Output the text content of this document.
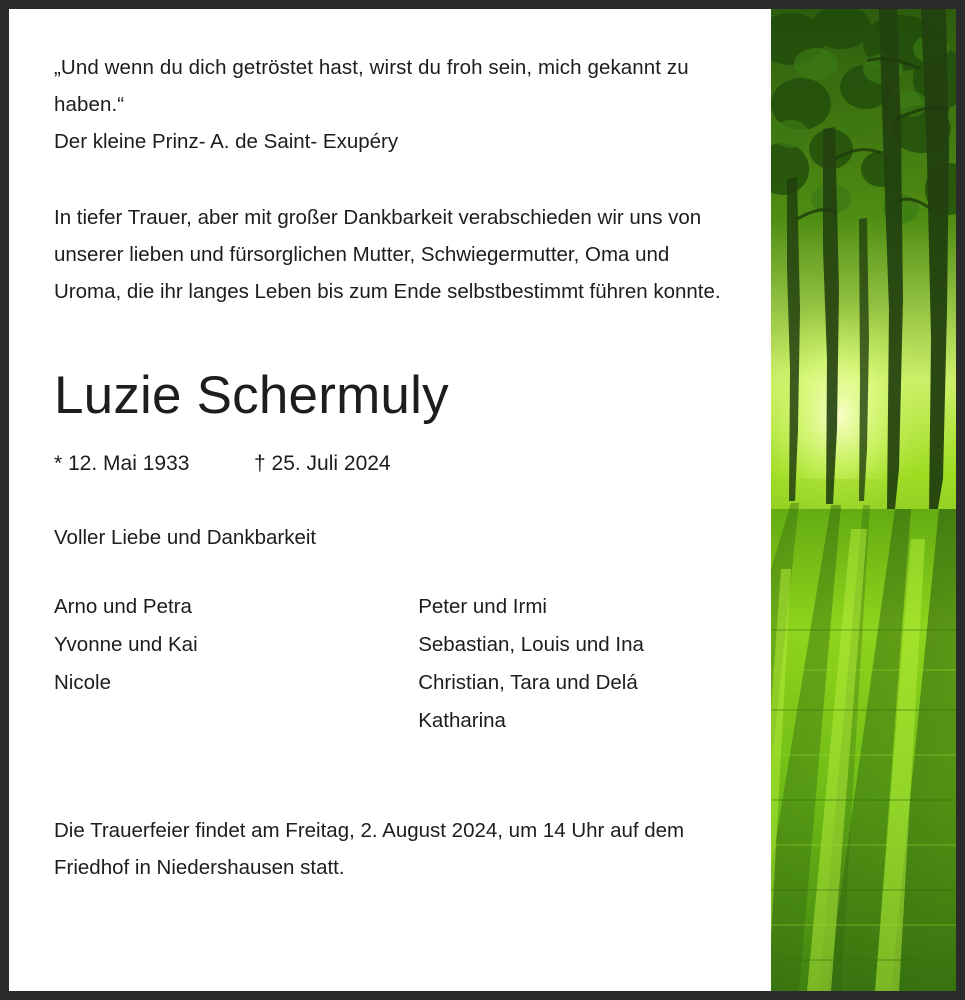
„Und wenn du dich getröstet hast, wirst du froh sein, mich gekannt zu haben.“
Der kleine Prinz- A. de Saint- Exupéry
In tiefer Trauer, aber mit großer Dankbarkeit verabschieden wir uns von unserer lieben und fürsorglichen Mutter, Schwiegermutter, Oma und Uroma, die ihr langes Leben bis zum Ende selbstbestimmt führen konnte.
Luzie Schermuly
* 12. Mai 1933	† 25. Juli 2024
Voller Liebe und Dankbarkeit
Arno und Petra
Yvonne und Kai
Nicole
Peter und Irmi
Sebastian, Louis und Ina
Christian, Tara und Delá
Katharina
Die Trauerfeier findet am Freitag, 2. August 2024, um 14 Uhr auf dem Friedhof in Niedershausen statt.
